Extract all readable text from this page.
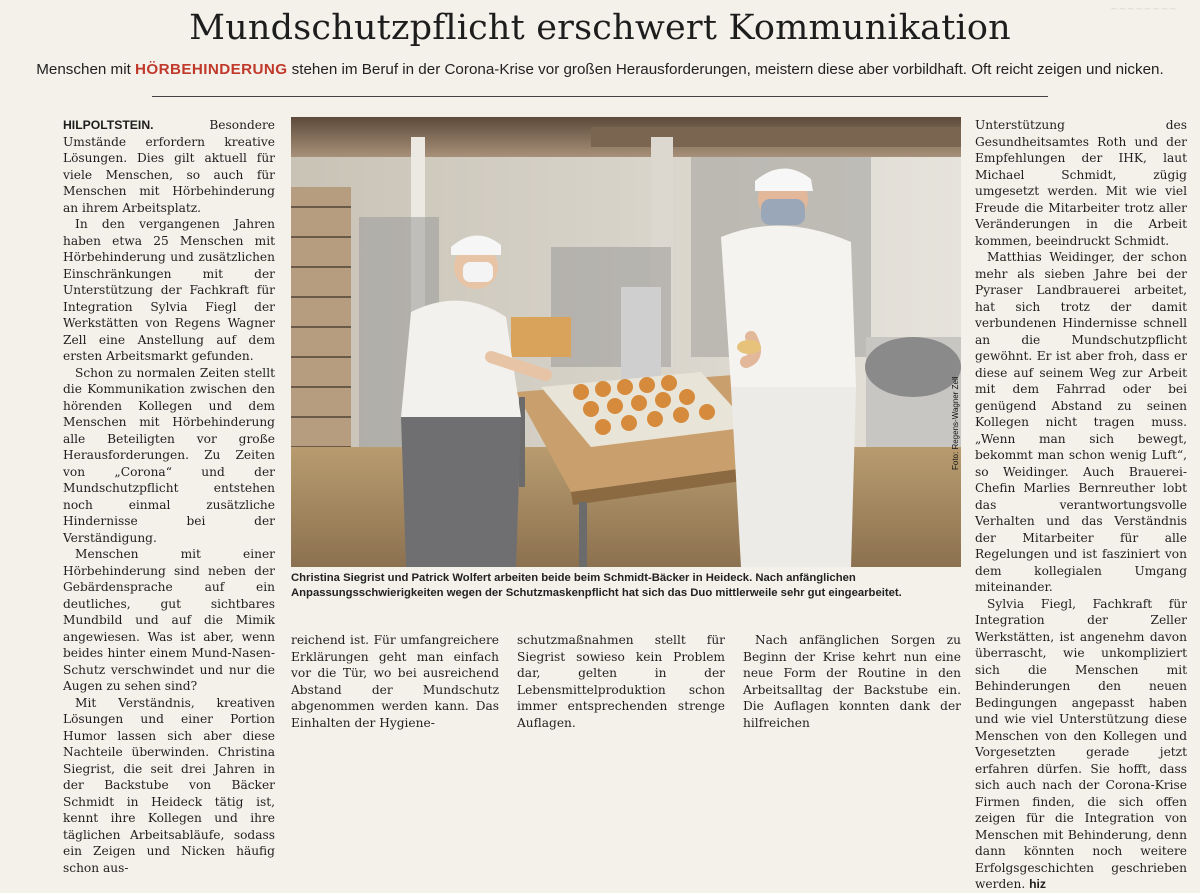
~~~~~~~~
Mundschutzpflicht erschwert Kommunikation
Menschen mit HÖRBEHINDERUNG stehen im Beruf in der Corona-Krise vor großen Herausforderungen, meistern diese aber vorbildhaft. Oft reicht zeigen und nicken.

HILPOLTSTEIN.	Besondere Umstände erfordern kreative Lösungen. Dies gilt aktuell für viele Menschen, so auch für Menschen mit Hörbehinderung an ihrem Arbeitsplatz.

In den vergangenen Jahren haben etwa 25 Menschen mit Hörbehinderung und zusätzlichen Einschränkungen mit der Unterstützung der Fachkraft für Integration Sylvia Fiegl der Werkstätten von Regens Wagner Zell eine Anstellung auf dem ersten Arbeitsmarkt gefunden.

Schon zu normalen Zeiten stellt die Kommunikation zwischen den hörenden Kollegen und dem Menschen mit Hörbehinderung alle Beteiligten vor große Herausforderungen. Zu Zeiten von „Corona“ und der Mundschutzpflicht entstehen noch einmal zusätzliche Hindernisse bei der Verständigung.

Menschen mit einer Hörbehinderung sind neben der Gebärdensprache auf ein deutliches, gut sichtbares Mundbild und auf die Mimik angewiesen. Was ist aber, wenn beides hinter einem Mund-Nasen-Schutz verschwindet und nur die Augen zu sehen sind?

Mit Verständnis, kreativen Lösungen und einer Portion Humor lassen sich aber diese Nachteile überwinden. Christina Siegrist, die seit drei Jahren in der Backstube von Bäcker Schmidt in Heideck tätig ist, kennt ihre Kollegen und ihre täglichen Arbeitsabläufe, sodass ein Zeigen und Nicken häufig schon aus-

Foto: Regens-Wagner Zell
Christina Siegrist und Patrick Wolfert arbeiten beide beim Schmidt-Bäcker in Heideck. Nach anfänglichen Anpassungsschwierigkeiten wegen der Schutzmaskenpflicht hat sich das Duo mittlerweile sehr gut eingearbeitet.

reichend ist. Für umfangreichere Erklärungen geht man einfach vor die Tür, wo bei ausreichend Abstand der Mundschutz abgenommen werden kann. Das Einhalten der Hygiene-

schutzmaßnahmen stellt für Siegrist sowieso kein Problem dar, gelten in der Lebensmittelproduktion schon immer entsprechenden strenge Auflagen.

Nach anfänglichen Sorgen zu Beginn der Krise kehrt nun eine neue Form der Routine in den Arbeitsalltag der Backstube ein. Die Auflagen konnten dank der hilfreichen

Unterstützung des Gesundheitsamtes Roth und der Empfehlungen der IHK, laut Michael Schmidt, zügig umgesetzt werden. Mit wie viel Freude die Mitarbeiter trotz aller Veränderungen in die Arbeit kommen, beeindruckt Schmidt.

Matthias Weidinger, der schon mehr als sieben Jahre bei der Pyraser Landbrauerei arbeitet, hat sich trotz der damit verbundenen Hindernisse schnell an die Mundschutzpflicht gewöhnt. Er ist aber froh, dass er diese auf seinem Weg zur Arbeit mit dem Fahrrad oder bei genügend Abstand zu seinen Kollegen nicht tragen muss. „Wenn man sich bewegt, bekommt man schon wenig Luft“, so Weidinger. Auch Brauerei-Chefin Marlies Bernreuther lobt das verantwortungsvolle Verhalten und das Verständnis der Mitarbeiter für alle Regelungen und ist fasziniert von dem kollegialen Umgang miteinander.

Sylvia Fiegl, Fachkraft für Integration der Zeller Werkstätten, ist angenehm davon überrascht, wie unkompliziert sich die Menschen mit Behinderungen den neuen Bedingungen angepasst haben und wie viel Unterstützung diese Menschen von den Kollegen und Vorgesetzten gerade jetzt erfahren dürfen. Sie hofft, dass sich auch nach der Corona-Krise Firmen finden, die sich offen zeigen für die Integration von Menschen mit Behinderung, denn dann könnten noch weitere Erfolgsgeschichten geschrieben werden. hiz
